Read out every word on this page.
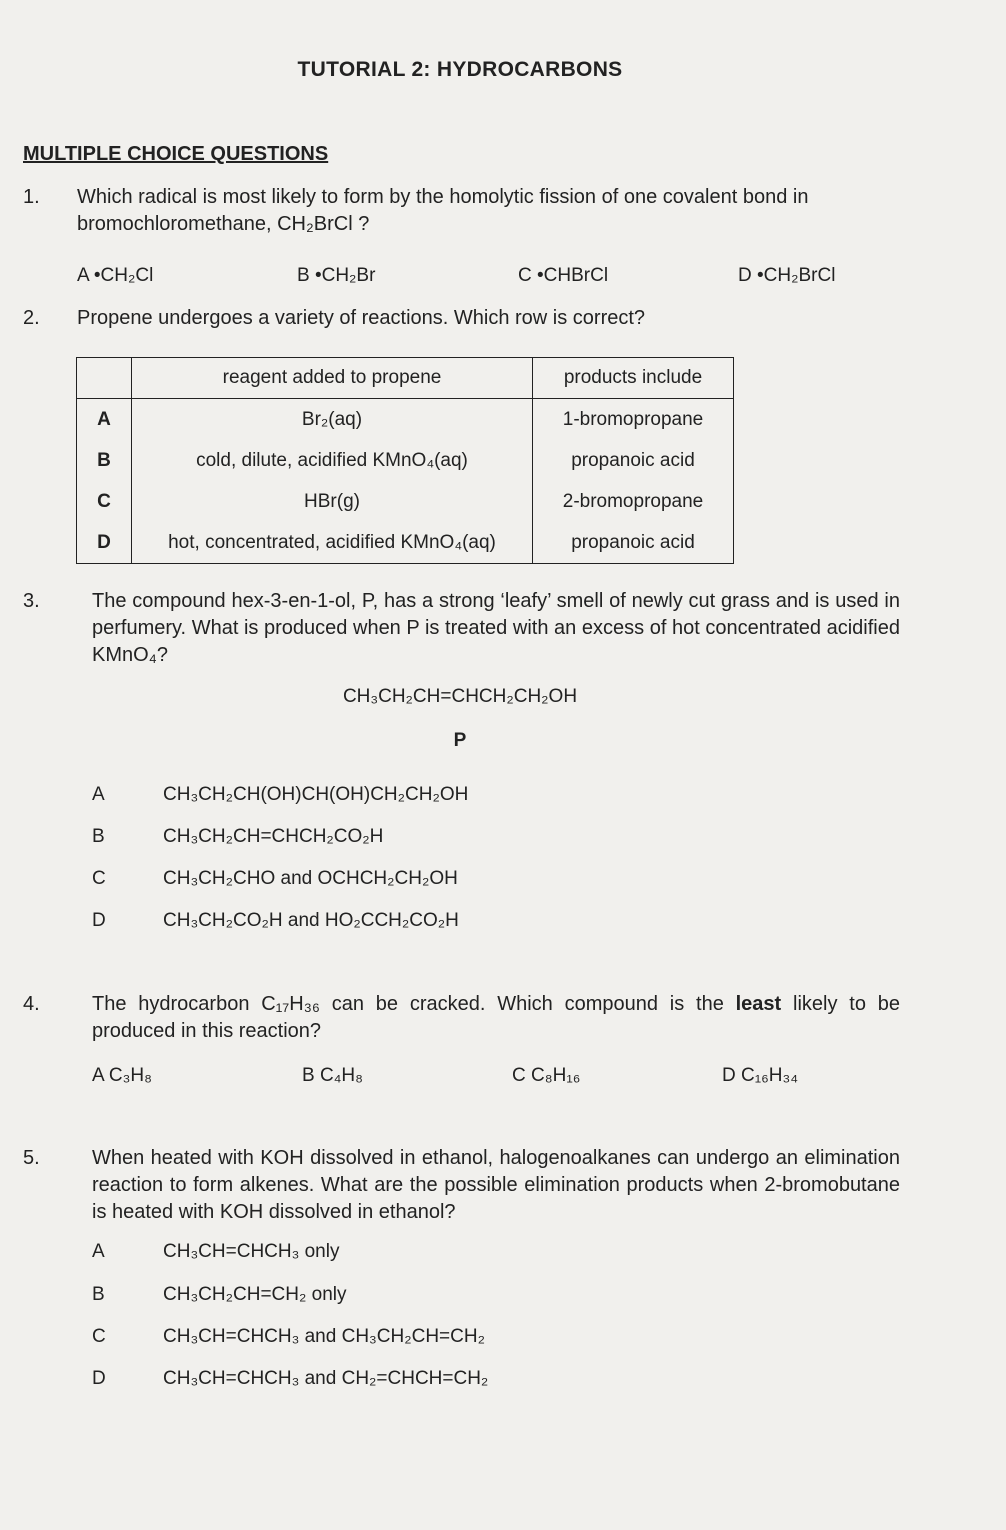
TUTORIAL 2: HYDROCARBONS
MULTIPLE CHOICE QUESTIONS
1. Which radical is most likely to form by the homolytic fission of one covalent bond in
bromochloromethane, CH₂BrCl ?
A •CH₂Cl	B •CH₂Br	C •CHBrCl	D •CH₂BrCl
2. Propene undergoes a variety of reactions. Which row is correct?
	reagent added to propene	products include
A	Br₂(aq)	1-bromopropane
B	cold, dilute, acidified KMnO₄(aq)	propanoic acid
C	HBr(g)	2-bromopropane
D	hot, concentrated, acidified KMnO₄(aq)	propanoic acid
3.	The compound hex-3-en-1-ol, P, has a strong ‘leafy’ smell of newly cut grass and is used in perfumery. What is produced when P is treated with an excess of hot concentrated acidified KMnO₄?
CH₃CH₂CH=CHCH₂CH₂OH
P
A	CH₃CH₂CH(OH)CH(OH)CH₂CH₂OH
B	CH₃CH₂CH=CHCH₂CO₂H
C	CH₃CH₂CHO and OCHCH₂CH₂OH
D	CH₃CH₂CO₂H and HO₂CCH₂CO₂H
4.	The hydrocarbon C₁₇H₃₆ can be cracked. Which compound is the least likely to be produced in this reaction?
A C₃H₈	B C₄H₈	C C₈H₁₆	D C₁₆H₃₄
5.	When heated with KOH dissolved in ethanol, halogenoalkanes can undergo an elimination reaction to form alkenes. What are the possible elimination products when 2-bromobutane is heated with KOH dissolved in ethanol?
A	CH₃CH=CHCH₃ only
B	CH₃CH₂CH=CH₂ only
C	CH₃CH=CHCH₃ and CH₃CH₂CH=CH₂
D	CH₃CH=CHCH₃ and CH₂=CHCH=CH₂
